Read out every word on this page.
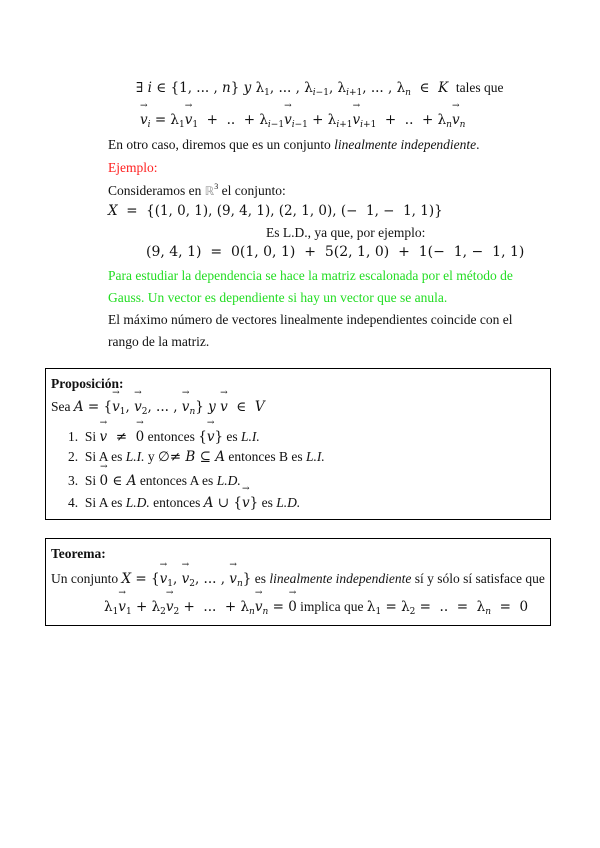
∃ i ∈ {1, ... , n} y $\lambda_1$, ... , $\lambda_{i-1}$, $\lambda_{i+1}$, ... , $\lambda_n$  ∈  K  tales que
→ $v_i = \lambda_1\to v_1$  +  ..  + $\lambda_{i-1}\to v_{i-1} + \lambda_{i+1}\to v_{i+1}$  +  ..  + $\lambda_n\to v_n$
En otro caso, diremos que es un conjunto linealmente independiente.
Ejemplo:
Consideramos en ℝ$^3$ el conjunto:
X  =  {(1, 0, 1), (9, 4, 1), (2, 1, 0), (−  1, −  1, 1)}
Es L.D., ya que, por ejemplo:
(9, 4, 1)  =  0(1, 0, 1)  +  5(2, 1, 0)  +  1(−  1, −  1, 1)
Para estudiar la dependencia se hace la matriz escalonada por el método de
Gauss. Un vector es dependiente si hay un vector que se anula.
El máximo número de vectores linealmente independientes coincide con el
rango de la matriz.
Proposición:
Sea A = {→ $v_1$, → $v_2$, ... , → $v_n$} y → v  ∈  V
1.  Si → v  ≠  → 0 entonces {→ v} es L.I.
2.  Si A es L.I. y ∅≠ B ⊆ A entonces B es L.I.
3.  Si → 0 ∈ A entonces A es L.D.
4.  Si A es L.D. entonces A ∪ {→ v} es L.D.
Teorema:
Un conjunto X = {→ $v_1$, → $v_2$, ... , → $v_n$} es linealmente independiente sí y sólo sí satisface que
$\lambda_1\to v_1 + \lambda_2\to v_2$ +  ...  + $\lambda_n\to v_n$ = → 0 implica que $\lambda_1 = \lambda_2$ =  ..  =  $\lambda_n = 0$
